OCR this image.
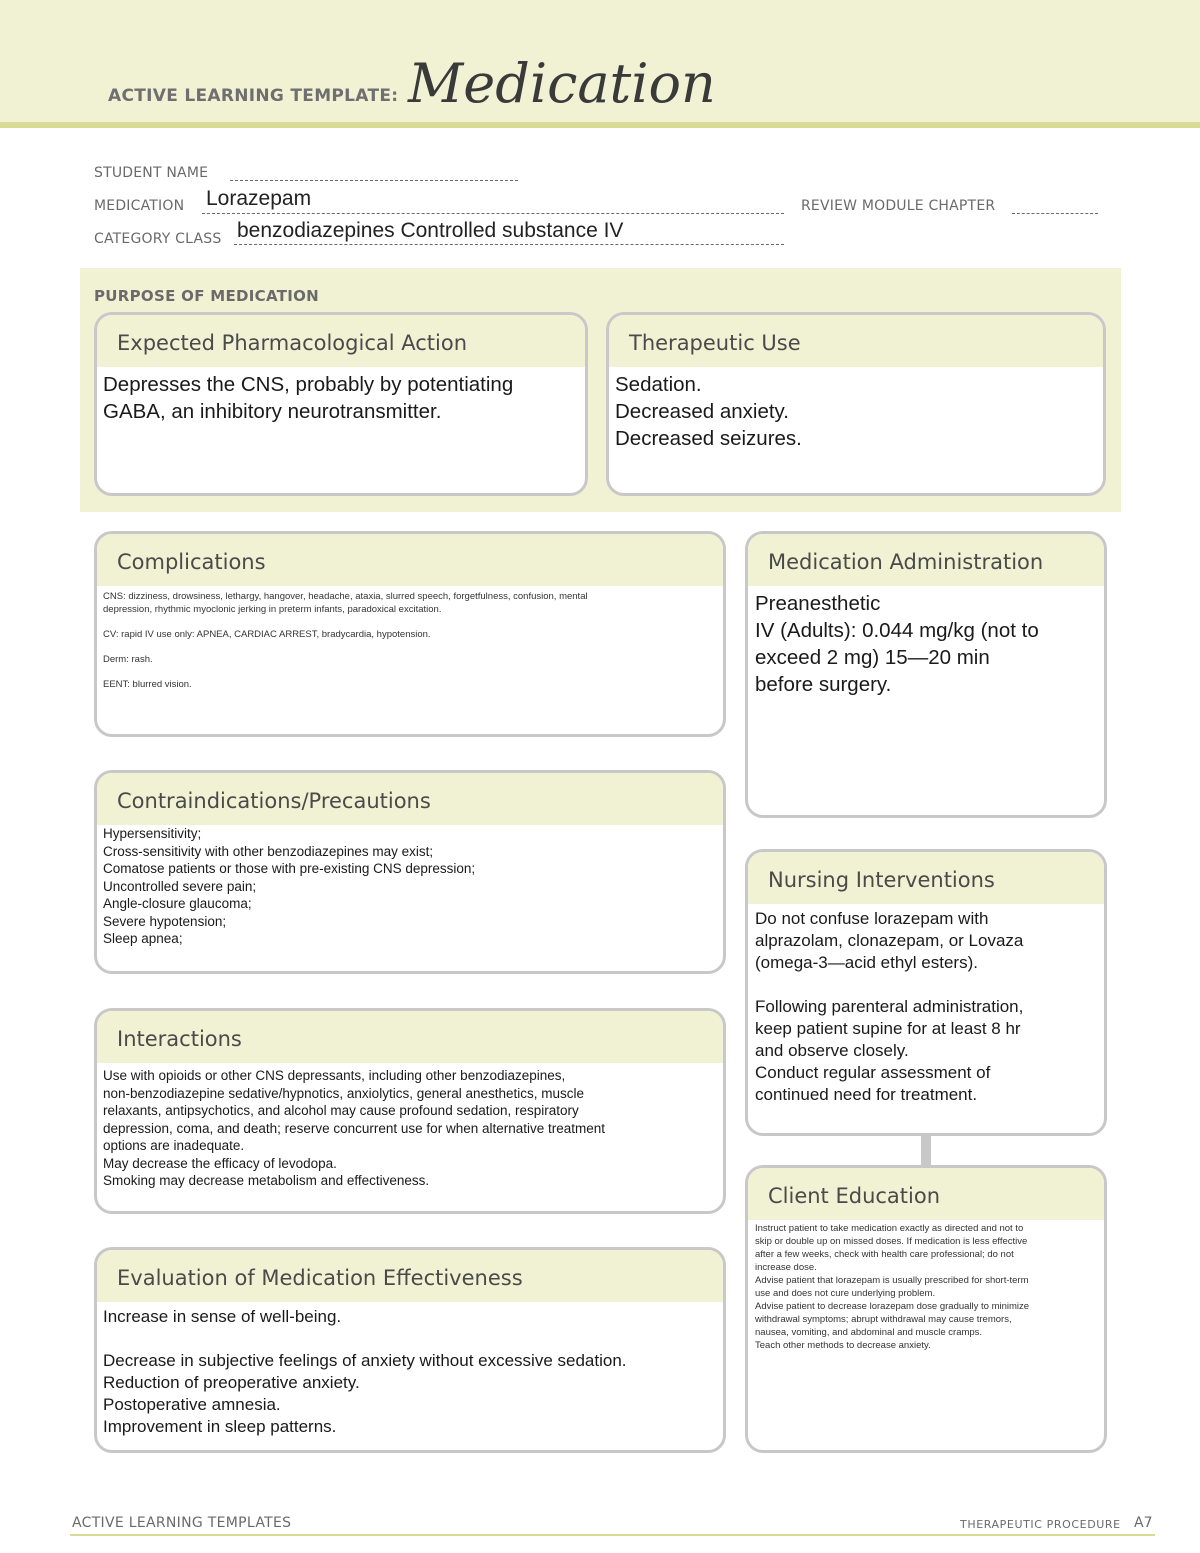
ACTIVE LEARNING TEMPLATE: Medication
STUDENT NAME
MEDICATION Lorazepam	REVIEW MODULE CHAPTER
CATEGORY CLASS benzodiazepines Controlled substance IV
PURPOSE OF MEDICATION
Expected Pharmacological Action
Depresses the CNS, probably by potentiating
GABA, an inhibitory neurotransmitter.
Therapeutic Use
Sedation.
Decreased anxiety.
Decreased seizures.
Complications
CNS: dizziness, drowsiness, lethargy, hangover, headache, ataxia, slurred speech, forgetfulness, confusion, mental
depression, rhythmic myoclonic jerking in preterm infants, paradoxical excitation.
CV: rapid IV use only: APNEA, CARDIAC ARREST, bradycardia, hypotension.
Derm: rash.
EENT: blurred vision.
Medication Administration
Preanesthetic
IV (Adults): 0.044 mg/kg (not to
exceed 2 mg) 15—20 min
before surgery.
Contraindications/Precautions
Hypersensitivity;
Cross-sensitivity with other benzodiazepines may exist;
Comatose patients or those with pre-existing CNS depression;
Uncontrolled severe pain;
Angle-closure glaucoma;
Severe hypotension;
Sleep apnea;
Nursing Interventions
Do not confuse lorazepam with
alprazolam, clonazepam, or Lovaza
(omega-3—acid ethyl esters).
Following parenteral administration,
keep patient supine for at least 8 hr
and observe closely.
Conduct regular assessment of
continued need for treatment.
Interactions
Use with opioids or other CNS depressants, including other benzodiazepines,
non-benzodiazepine sedative/hypnotics, anxiolytics, general anesthetics, muscle
relaxants, antipsychotics, and alcohol may cause profound sedation, respiratory
depression, coma, and death; reserve concurrent use for when alternative treatment
options are inadequate.
May decrease the efficacy of levodopa.
Smoking may decrease metabolism and effectiveness.
Client Education
Instruct patient to take medication exactly as directed and not to
skip or double up on missed doses. If medication is less effective
after a few weeks, check with health care professional; do not
increase dose.
Advise patient that lorazepam is usually prescribed for short-term
use and does not cure underlying problem.
Advise patient to decrease lorazepam dose gradually to minimize
withdrawal symptoms; abrupt withdrawal may cause tremors,
nausea, vomiting, and abdominal and muscle cramps.
Teach other methods to decrease anxiety.
Evaluation of Medication Effectiveness
Increase in sense of well-being.
Decrease in subjective feelings of anxiety without excessive sedation.
Reduction of preoperative anxiety.
Postoperative amnesia.
Improvement in sleep patterns.
ACTIVE LEARNING TEMPLATES	THERAPEUTIC PROCEDURE A7
